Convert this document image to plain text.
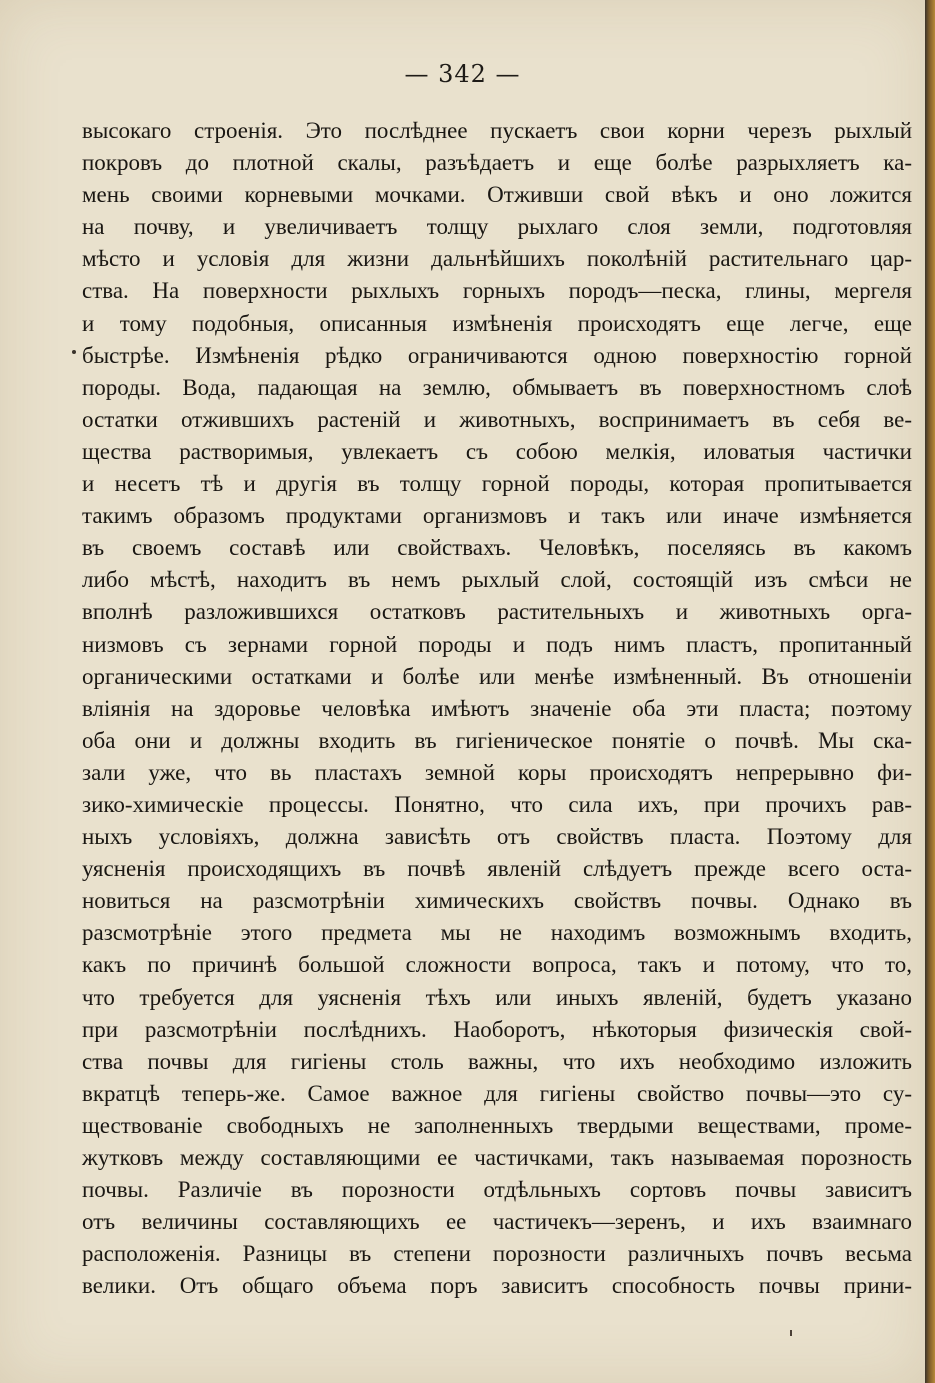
— 342 —
высокаго строенія. Это послѣднее пускаетъ свои корни черезъ рыхлый
покровъ до плотной скалы, разъѣдаетъ и еще болѣе разрыхляетъ ка-
мень своими корневыми мочками. Отживши свой вѣкъ и оно ложится
на почву, и увеличиваетъ толщу рыхлаго слоя земли, подготовляя
мѣсто и условія для жизни дальнѣйшихъ поколѣній растительнаго цар-
ства. На поверхности рыхлыхъ горныхъ породъ—песка, глины, мергеля
и тому подобныя, описанныя измѣненія происходятъ еще легче, еще
быстрѣе. Измѣненія рѣдко ограничиваются одною поверхностію горной
породы. Вода, падающая на землю, обмываетъ въ поверхностномъ слоѣ
остатки отжившихъ растеній и животныхъ, воспринимаетъ въ себя ве-
щества растворимыя, увлекаетъ съ собою мелкія, иловатыя частички
и несетъ тѣ и другія въ толщу горной породы, которая пропитывается
такимъ образомъ продуктами организмовъ и такъ или иначе измѣняется
въ своемъ составѣ или свойствахъ. Человѣкъ, поселяясь въ какомъ
либо мѣстѣ, находитъ въ немъ рыхлый слой, состоящій изъ смѣси не
вполнѣ разложившихся остатковъ растительныхъ и животныхъ орга-
низмовъ съ зернами горной породы и подъ нимъ пластъ, пропитанный
органическими остатками и болѣе или менѣе измѣненный. Въ отношеніи
вліянія на здоровье человѣка имѣютъ значеніе оба эти пласта; поэтому
оба они и должны входить въ гигіеническое понятіе о почвѣ. Мы ска-
зали уже, что вь пластахъ земной коры происходятъ непрерывно фи-
зико-химическіе процессы. Понятно, что сила ихъ, при прочихъ рав-
ныхъ условіяхъ, должна зависѣть отъ свойствъ пласта. Поэтому для
уясненія происходящихъ въ почвѣ явленій слѣдуетъ прежде всего оста-
новиться на разсмотрѣніи химическихъ свойствъ почвы. Однако въ
разсмотрѣніе этого предмета мы не находимъ возможнымъ входить,
какъ по причинѣ большой сложности вопроса, такъ и потому, что то,
что требуется для уясненія тѣхъ или иныхъ явленій, будетъ указано
при разсмотрѣніи послѣднихъ. Наоборотъ, нѣкоторыя физическія свой-
ства почвы для гигіены столь важны, что ихъ необходимо изложить
вкратцѣ теперь-же. Самое важное для гигіены свойство почвы—это су-
ществованіе свободныхъ не заполненныхъ твердыми веществами, проме-
жутковъ между составляющими ее частичками, такъ называемая порозность
почвы. Различіе въ порозности отдѣльныхъ сортовъ почвы зависитъ
отъ величины составляющихъ ее частичекъ—зеренъ, и ихъ взаимнаго
расположенія. Разницы въ степени порозности различныхъ почвъ весьма
велики. Отъ общаго объема поръ зависитъ способность почвы прини-
